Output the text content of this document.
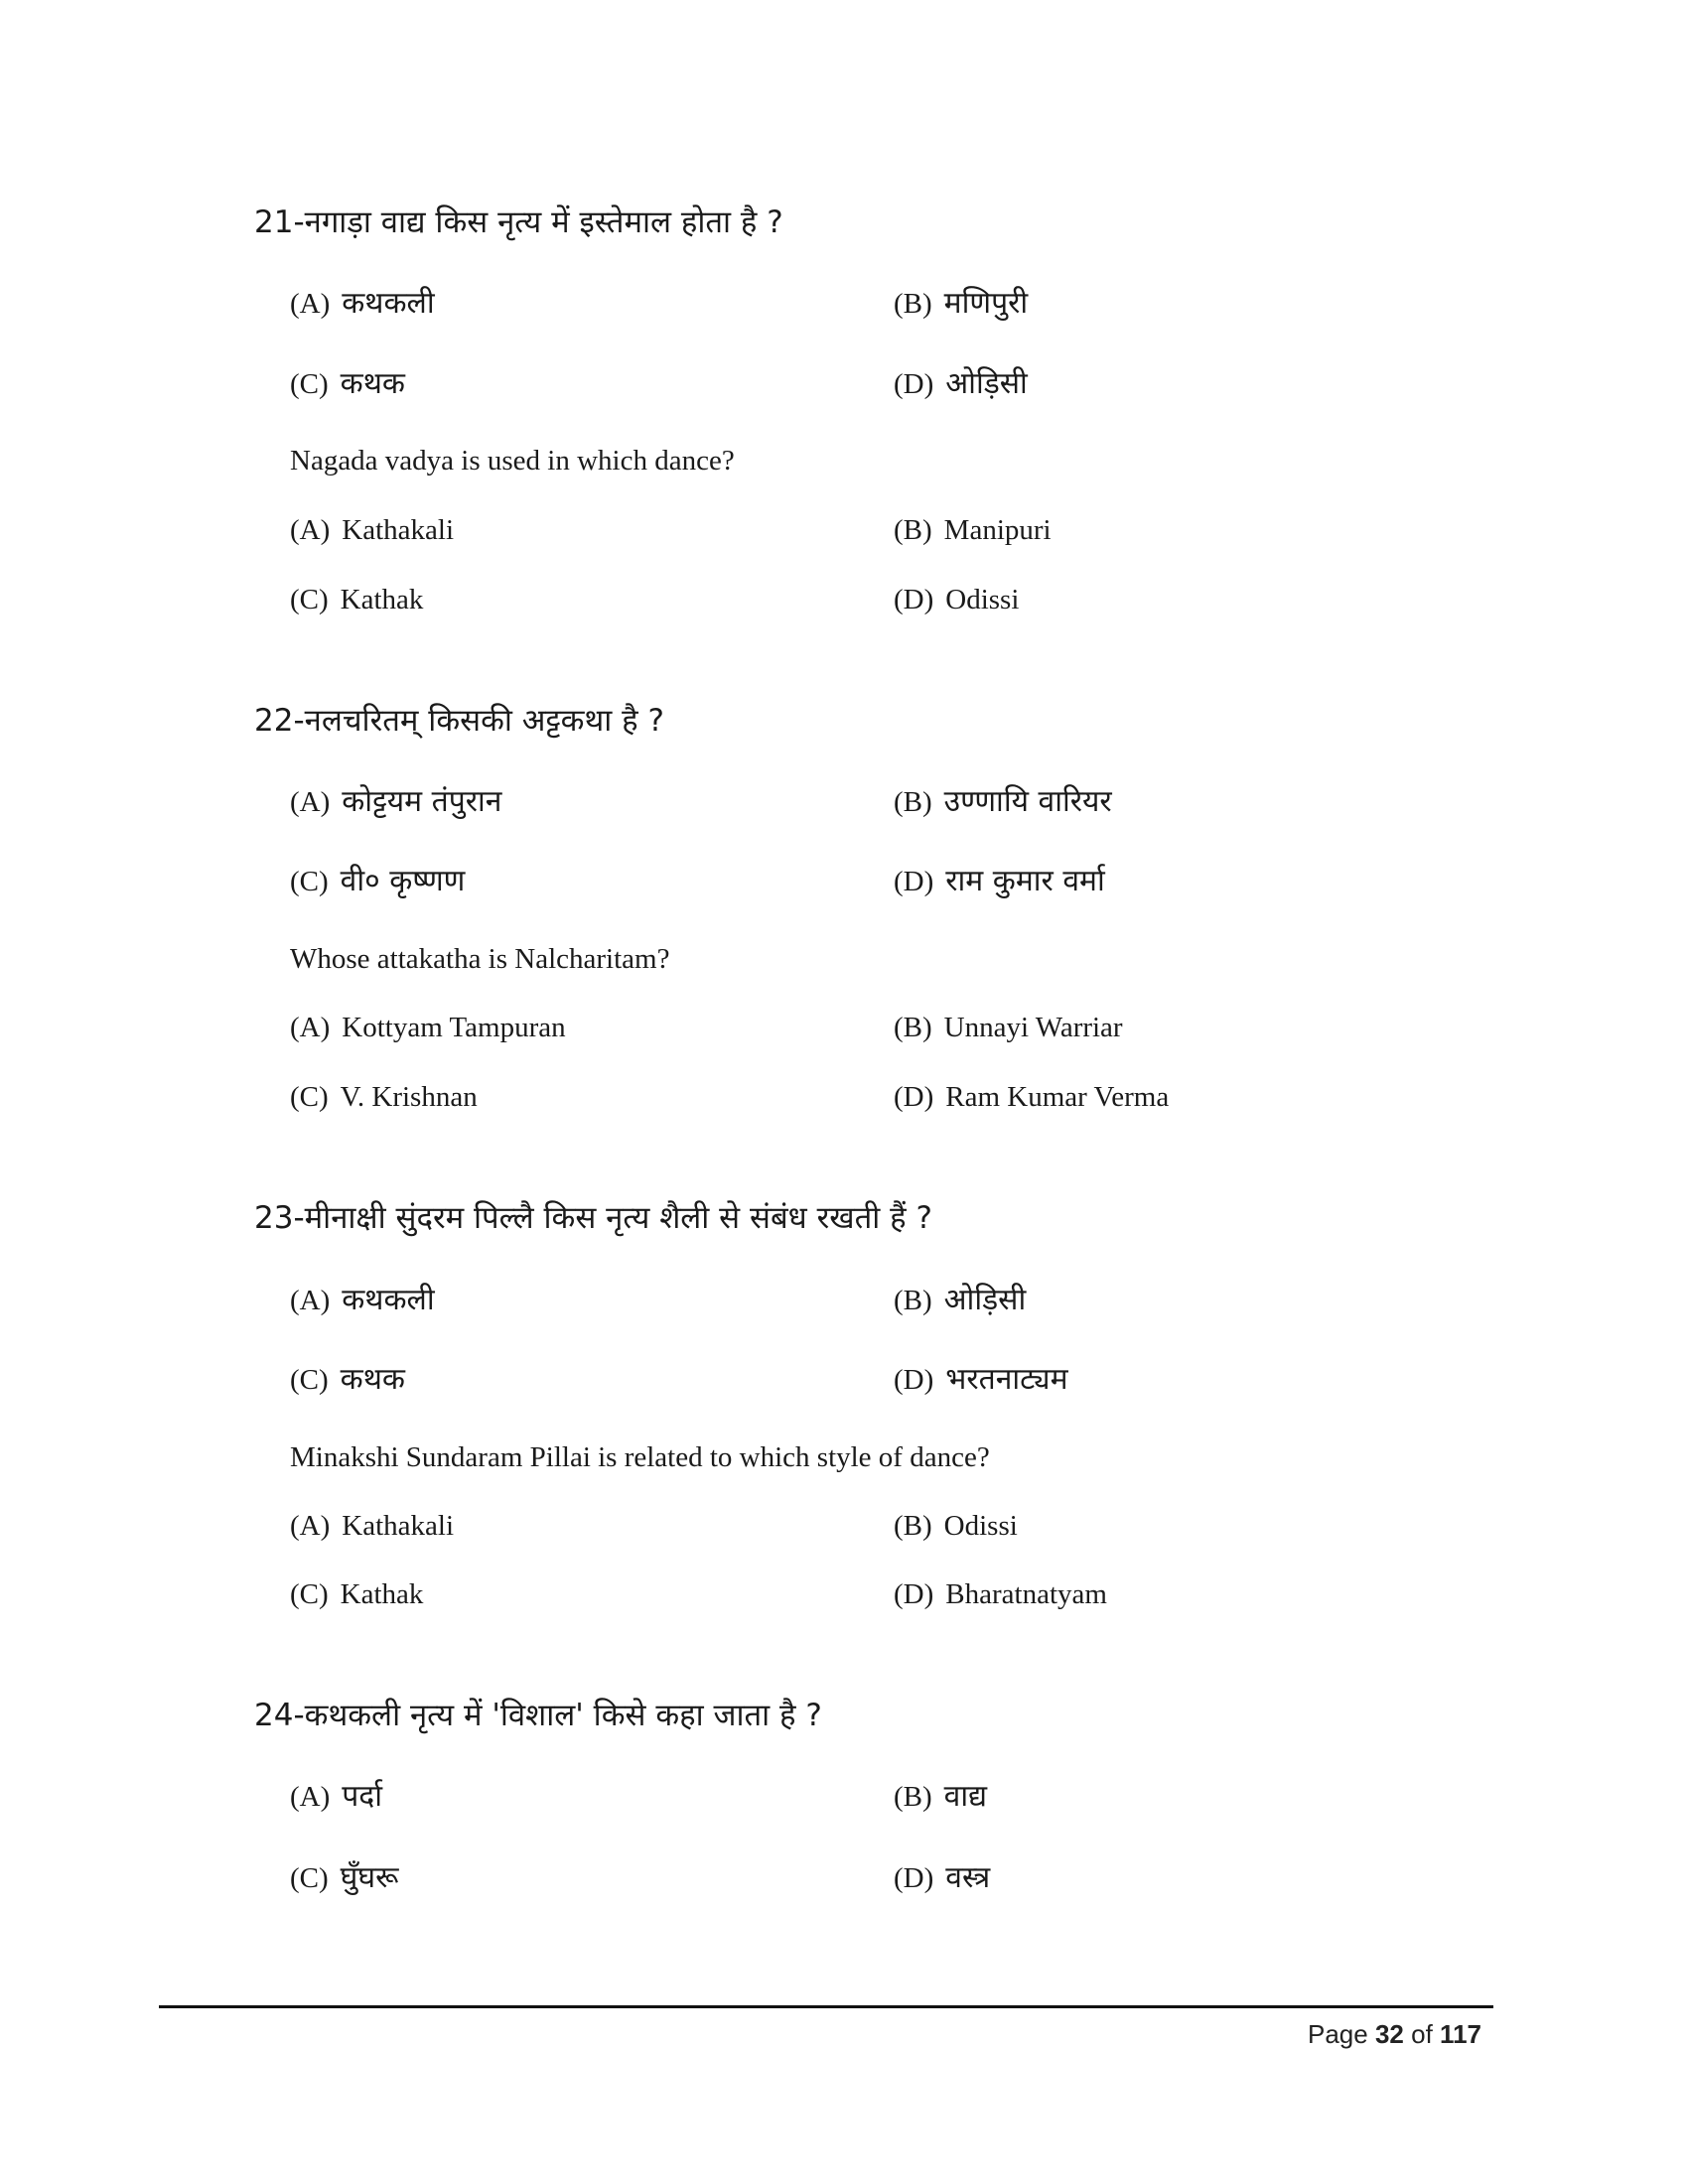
21-नगाड़ा वाद्य किस नृत्य में इस्तेमाल होता है ?
(A) कथकली	(B) मणिपुरी
(C) कथक	(D) ओड़िसी
Nagada vadya is used in which dance?
(A) Kathakali	(B) Manipuri
(C) Kathak	(D) Odissi
22-नलचरितम् किसकी अट्टकथा है ?
(A) कोट्टयम तंपुरान	(B) उण्णायि वारियर
(C) वी० कृष्णण	(D) राम कुमार वर्मा
Whose attakatha is Nalcharitam?
(A) Kottyam Tampuran	(B) Unnayi Warriar
(C) V. Krishnan	(D) Ram Kumar Verma
23-मीनाक्षी सुंदरम पिल्लै किस नृत्य शैली से संबंध रखती हैं ?
(A) कथकली	(B) ओड़िसी
(C) कथक	(D) भरतनाट्यम
Minakshi Sundaram Pillai is related to which style of dance?
(A) Kathakali	(B) Odissi
(C) Kathak	(D) Bharatnatyam
24-कथकली नृत्य में 'विशाल' किसे कहा जाता है ?
(A) पर्दा	(B) वाद्य
(C) घुँघरू	(D) वस्त्र
Page 32 of 117
